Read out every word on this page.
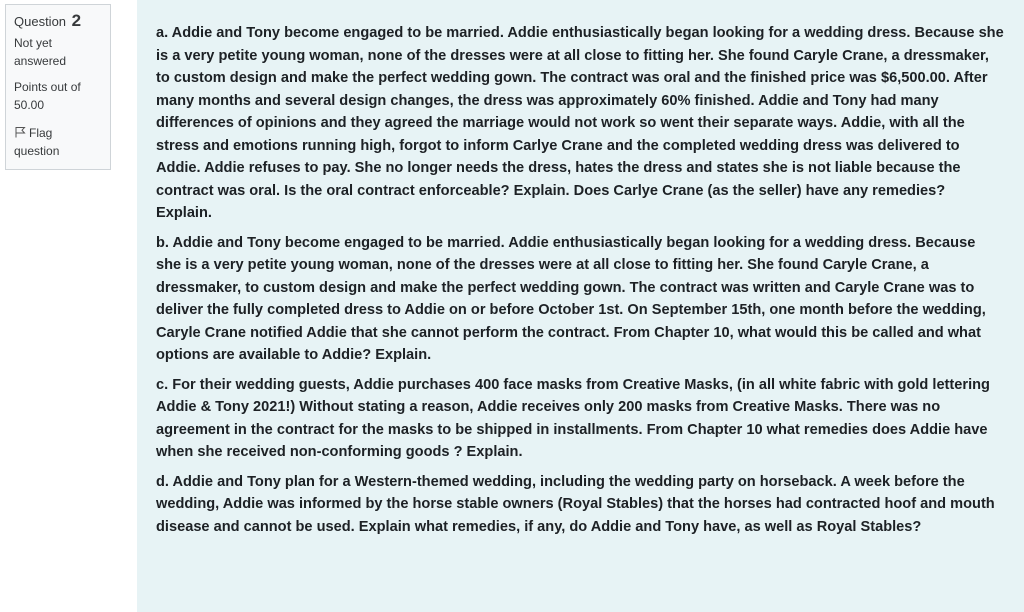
Question 2
Not yet
answered
Points out of
50.00
Flag
question

a. Addie and Tony become engaged to be married. Addie enthusiastically began looking for a wedding dress. Because she is a very petite young woman, none of the dresses were at all close to fitting her. She found Caryle Crane, a dressmaker, to custom design and make the perfect wedding gown. The contract was oral and the finished price was $6,500.00. After many months and several design changes, the dress was approximately 60% finished. Addie and Tony had many differences of opinions and they agreed the marriage would not work so went their separate ways. Addie, with all the stress and emotions running high, forgot to inform Carlye Crane and the completed wedding dress was delivered to Addie. Addie refuses to pay. She no longer needs the dress, hates the dress and states she is not liable because the contract was oral. Is the oral contract enforceable? Explain. Does Carlye Crane (as the seller) have any remedies? Explain.

b. Addie and Tony become engaged to be married. Addie enthusiastically began looking for a wedding dress. Because she is a very petite young woman, none of the dresses were at all close to fitting her. She found Caryle Crane, a dressmaker, to custom design and make the perfect wedding gown. The contract was written and Caryle Crane was to deliver the fully completed dress to Addie on or before October 1st. On September 15th, one month before the wedding, Caryle Crane notified Addie that she cannot perform the contract. From Chapter 10, what would this be called and what options are available to Addie? Explain.

c. For their wedding guests, Addie purchases 400 face masks from Creative Masks, (in all white fabric with gold lettering Addie & Tony 2021!) Without stating a reason, Addie receives only 200 masks from Creative Masks. There was no agreement in the contract for the masks to be shipped in installments. From Chapter 10 what remedies does Addie have when she received non-conforming goods ? Explain.

d. Addie and Tony plan for a Western-themed wedding, including the wedding party on horseback. A week before the wedding, Addie was informed by the horse stable owners (Royal Stables) that the horses had contracted hoof and mouth disease and cannot be used. Explain what remedies, if any, do Addie and Tony have, as well as Royal Stables?
